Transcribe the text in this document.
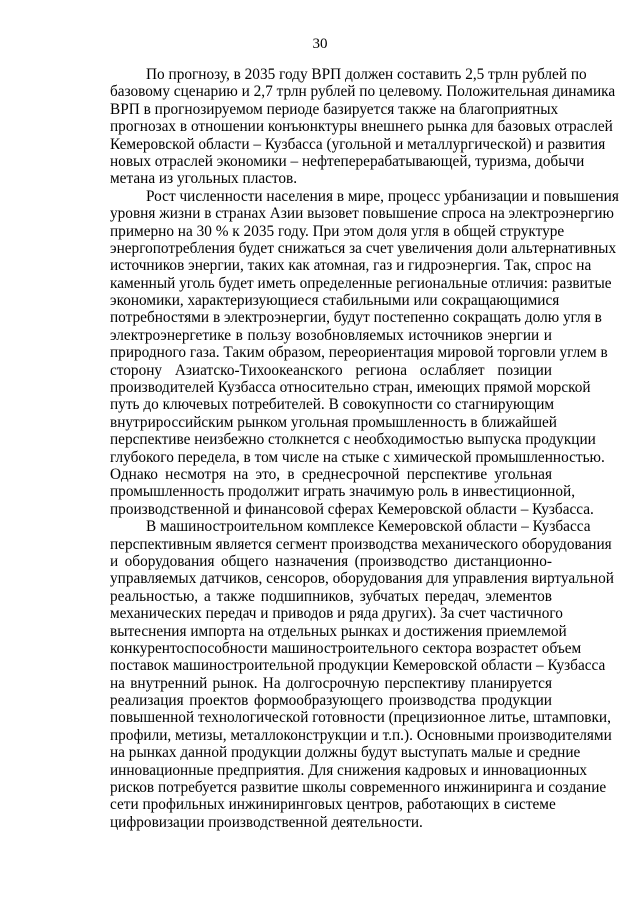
30
По прогнозу, в 2035 году ВРП должен составить 2,5 трлн рублей по
базовому сценарию и 2,7 трлн рублей по целевому. Положительная динамика
ВРП в прогнозируемом периоде базируется также на благоприятных
прогнозах в отношении конъюнктуры внешнего рынка для базовых отраслей
Кемеровской области – Кузбасса (угольной и металлургической) и развития
новых отраслей экономики – нефтеперерабатывающей, туризма, добычи
метана из угольных пластов.
Рост численности населения в мире, процесс урбанизации и повышения
уровня жизни в странах Азии вызовет повышение спроса на электроэнергию
примерно на 30 % к 2035 году. При этом доля угля в общей структуре
энергопотребления будет снижаться за счет увеличения доли альтернативных
источников энергии, таких как атомная, газ и гидроэнергия. Так, спрос на
каменный уголь будет иметь определенные региональные отличия: развитые
экономики, характеризующиеся стабильными или сокращающимися
потребностями в электроэнергии, будут постепенно сокращать долю угля в
электроэнергетике в пользу возобновляемых источников энергии и
природного газа. Таким образом, переориентация мировой торговли углем в
сторону Азиатско-Тихоокеанского региона ослабляет позиции
производителей Кузбасса относительно стран, имеющих прямой морской
путь до ключевых потребителей. В совокупности со стагнирующим
внутрироссийским рынком угольная промышленность в ближайшей
перспективе неизбежно столкнется с необходимостью выпуска продукции
глубокого передела, в том числе на стыке с химической промышленностью.
Однако несмотря на это, в среднесрочной перспективе угольная
промышленность продолжит играть значимую роль в инвестиционной,
производственной и финансовой сферах Кемеровской области – Кузбасса.
В машиностроительном комплексе Кемеровской области – Кузбасса
перспективным является сегмент производства механического оборудования
и оборудования общего назначения (производство дистанционно-
управляемых датчиков, сенсоров, оборудования для управления виртуальной
реальностью, а также подшипников, зубчатых передач, элементов
механических передач и приводов и ряда других). За счет частичного
вытеснения импорта на отдельных рынках и достижения приемлемой
конкурентоспособности машиностроительного сектора возрастет объем
поставок машиностроительной продукции Кемеровской области – Кузбасса
на внутренний рынок. На долгосрочную перспективу планируется
реализация проектов формообразующего производства продукции
повышенной технологической готовности (прецизионное литье, штамповки,
профили, метизы, металлоконструкции и т.п.). Основными производителями
на рынках данной продукции должны будут выступать малые и средние
инновационные предприятия. Для снижения кадровых и инновационных
рисков потребуется развитие школы современного инжиниринга и создание
сети профильных инжиниринговых центров, работающих в системе
цифровизации производственной деятельности.
